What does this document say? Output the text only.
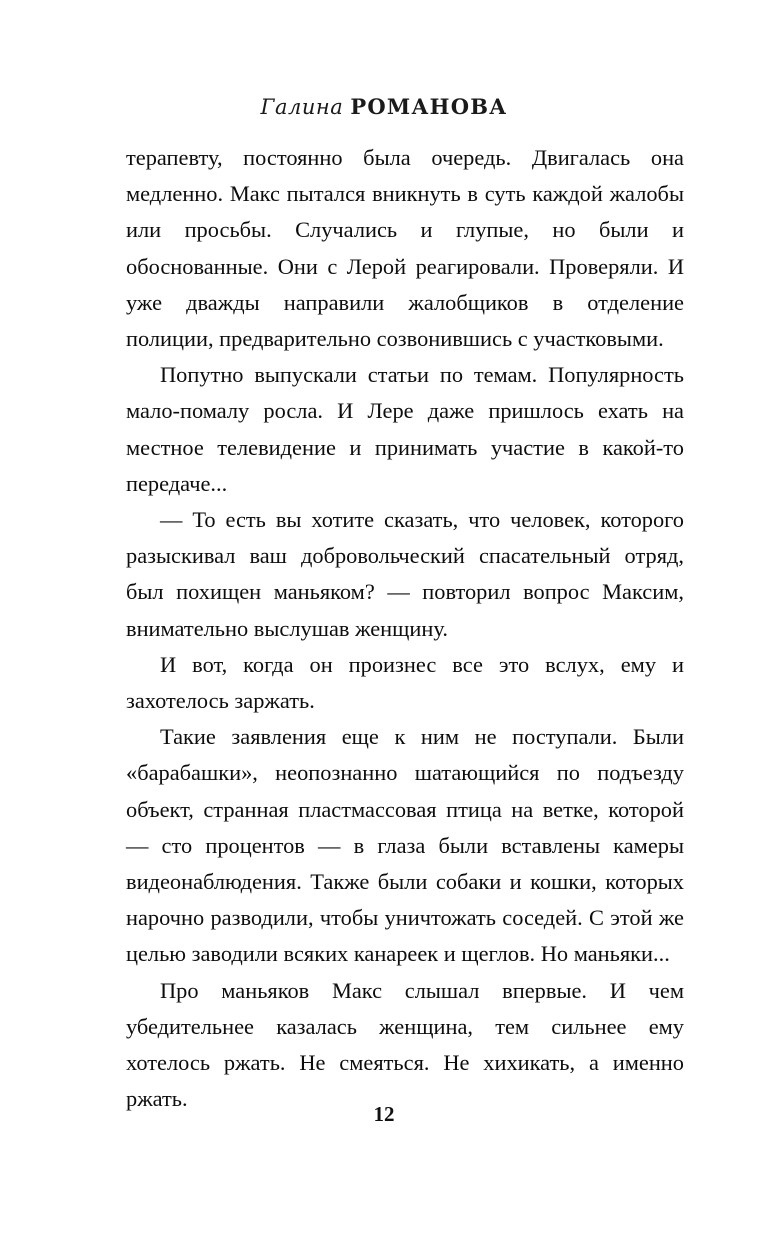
Галина РОМАНОВА

терапевту, постоянно была очередь. Двигалась она медленно. Макс пытался вникнуть в суть каждой жалобы или просьбы. Случались и глупые, но были и обоснованные. Они с Лерой реагировали. Проверяли. И уже дважды направили жалобщиков в отделение полиции, предварительно созвонившись с участковыми.

Попутно выпускали статьи по темам. Популярность мало-помалу росла. И Лере даже пришлось ехать на местное телевидение и принимать участие в какой-то передаче...

— То есть вы хотите сказать, что человек, которого разыскивал ваш добровольческий спасательный отряд, был похищен маньяком? — повторил вопрос Максим, внимательно выслушав женщину.

И вот, когда он произнес все это вслух, ему и захотелось заржать.

Такие заявления еще к ним не поступали. Были «барабашки», неопознанно шатающийся по подъезду объект, странная пластмассовая птица на ветке, которой — сто процентов — в глаза были вставлены камеры видеонаблюдения. Также были собаки и кошки, которых нарочно разводили, чтобы уничтожать соседей. С этой же целью заводили всяких канареек и щеглов. Но маньяки...

Про маньяков Макс слышал впервые. И чем убедительнее казалась женщина, тем сильнее ему хотелось ржать. Не смеяться. Не хихикать, а именно ржать.

12
